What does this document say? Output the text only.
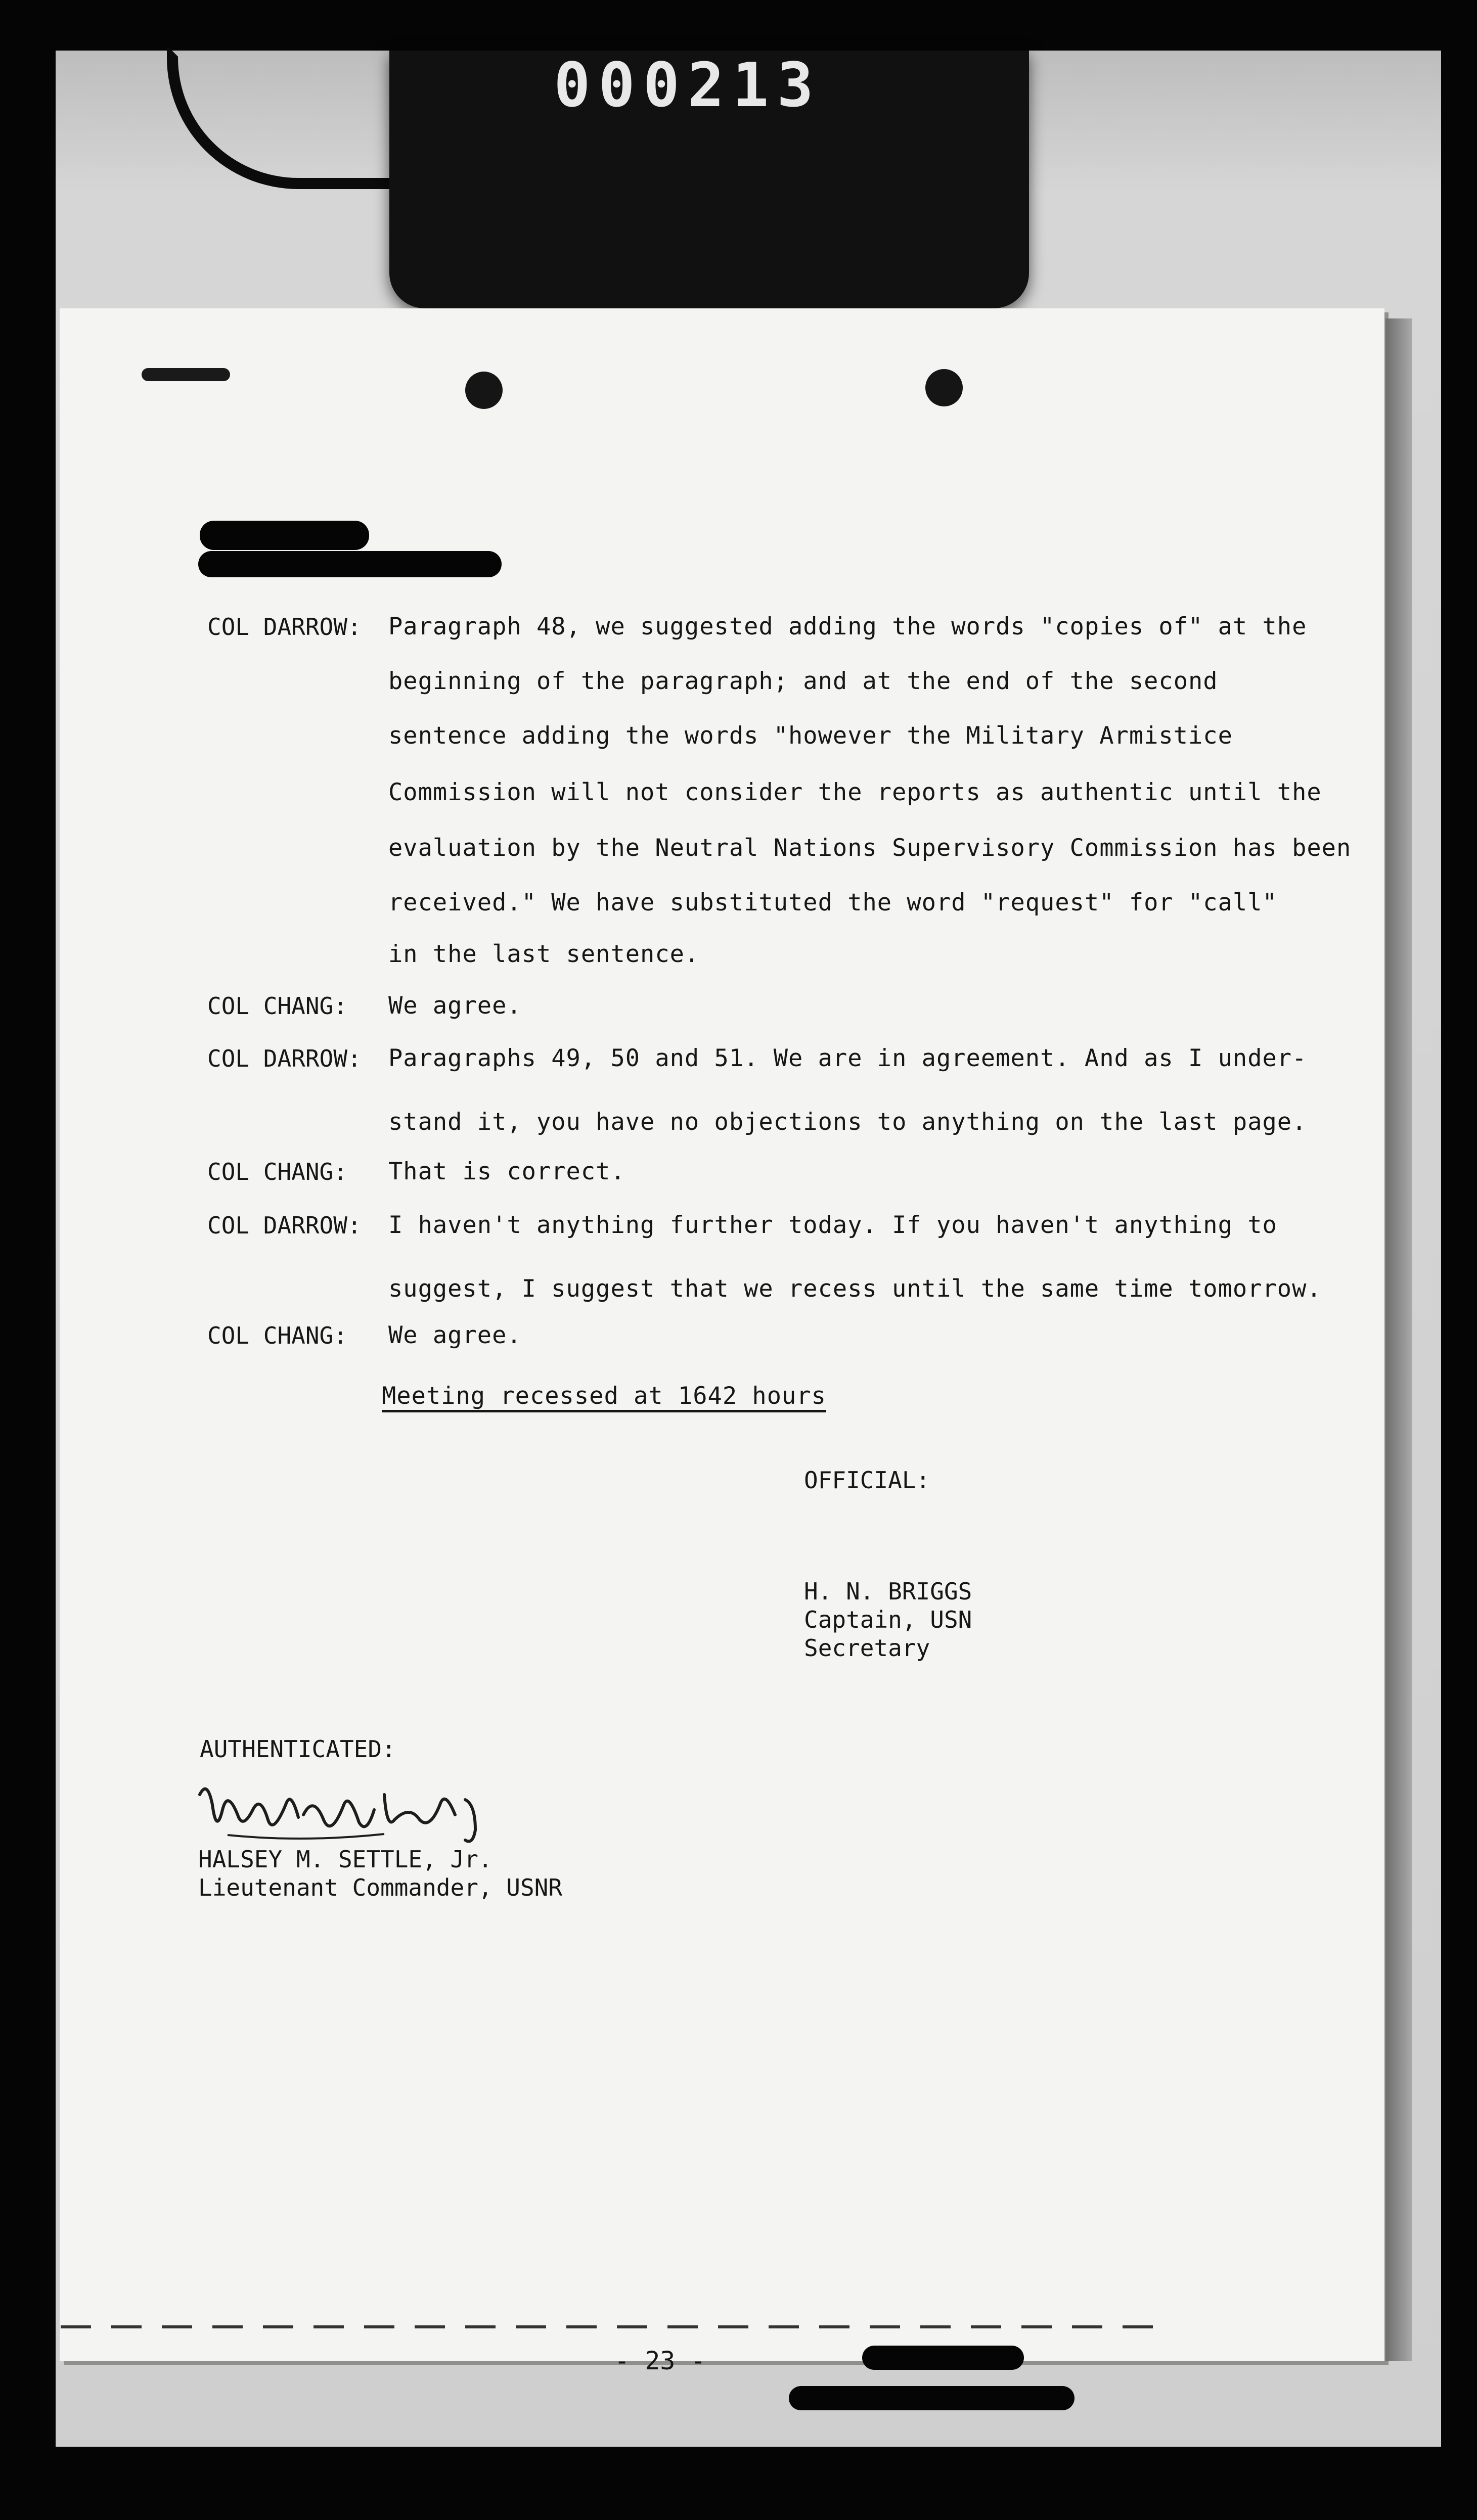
000213
COL DARROW: Paragraph 48, we suggested adding the words "copies of" at the
beginning of the paragraph; and at the end of the second
sentence adding the words "however the Military Armistice
Commission will not consider the reports as authentic until the
evaluation by the Neutral Nations Supervisory Commission has been
received." We have substituted the word "request" for "call"
in the last sentence.
COL CHANG: We agree.
COL DARROW: Paragraphs 49, 50 and 51. We are in agreement. And as I under-
stand it, you have no objections to anything on the last page.
COL CHANG: That is correct.
COL DARROW: I haven't anything further today. If you haven't anything to
suggest, I suggest that we recess until the same time tomorrow.
COL CHANG: We agree.
Meeting recessed at 1642 hours
OFFICIAL:
H. N. BRIGGS
Captain, USN
Secretary
AUTHENTICATED:
HALSEY M. SETTLE, Jr.
Lieutenant Commander, USNR
- 23 -
